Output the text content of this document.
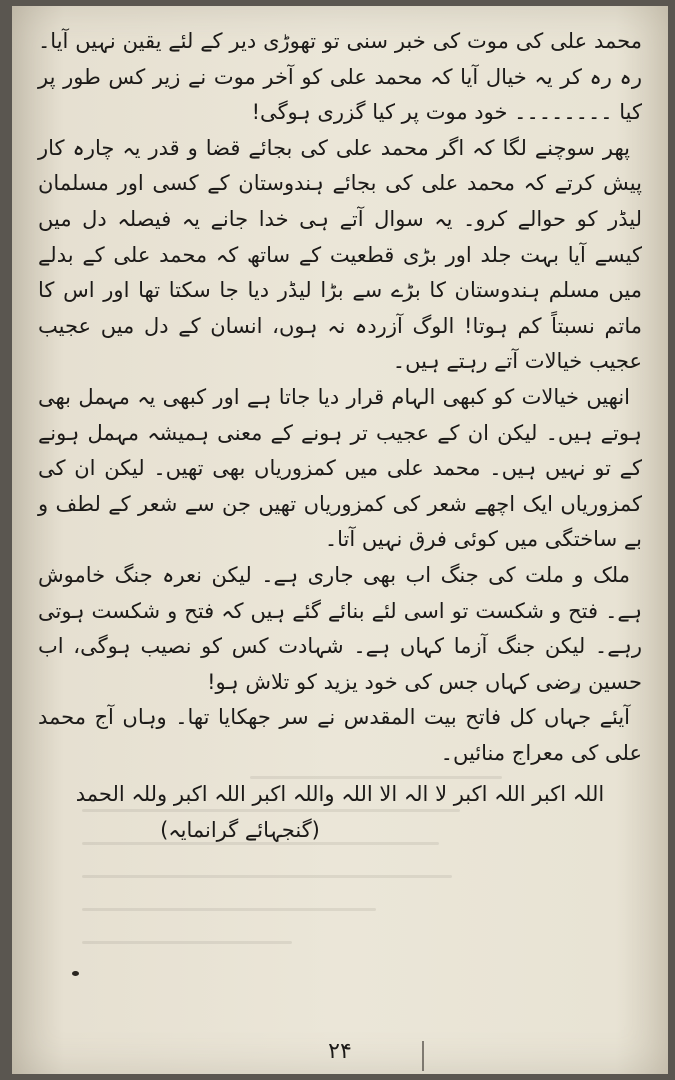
محمد علی کی موت کی خبر سنی تو تھوڑی دیر کے لئے یقین نہیں آیا۔ رہ رہ کر یہ خیال آیا کہ محمد علی کو آخر موت نے زیر کس طور پر کیا ۔۔۔۔۔۔۔۔ خود موت پر کیا گزری ہوگی!

پھر سوچنے لگا کہ اگر محمد علی کی بجائے قضا و قدر یہ چارہ کار پیش کرتے کہ محمد علی کی بجائے ہندوستان کے کسی اور مسلمان لیڈر کو حوالے کرو۔ یہ سوال آتے ہی خدا جانے یہ فیصلہ دل میں کیسے آیا بہت جلد اور بڑی قطعیت کے ساتھ کہ محمد علی کے بدلے میں مسلم ہندوستان کا بڑے سے بڑا لیڈر دیا جا سکتا تھا اور اس کا ماتم نسبتاً کم ہوتا! الوگ آزردہ نہ ہوں، انسان کے دل میں عجیب عجیب خیالات آتے رہتے ہیں۔

انھیں خیالات کو کبھی الہام قرار دیا جاتا ہے اور کبھی یہ مہمل بھی ہوتے ہیں۔ لیکن ان کے عجیب تر ہونے کے معنی ہمیشہ مہمل ہونے کے تو نہیں ہیں۔ محمد علی میں کمزوریاں بھی تھیں۔ لیکن ان کی کمزوریاں ایک اچھے شعر کی کمزوریاں تھیں جن سے شعر کے لطف و بے ساختگی میں کوئی فرق نہیں آتا۔

ملک و ملت کی جنگ اب بھی جاری ہے۔ لیکن نعرہ جنگ خاموش ہے۔ فتح و شکست تو اسی لئے بنائے گئے ہیں کہ فتح و شکست ہوتی رہے۔ لیکن جنگ آزما کہاں ہے۔ شہادت کس کو نصیب ہوگی، اب حسین رضی کہاں جس کی خود یزید کو تلاش ہو!

آیئے جہاں کل فاتح بیت المقدس نے سر جھکایا تھا۔ وہاں آج محمد علی کی معراج منائیں۔

اللہ اکبر اللہ اکبر لا الہ الا اللہ واللہ اکبر اللہ اکبر وللہ الحمد

(گنجہائے گرانمایہ)

۲۴
